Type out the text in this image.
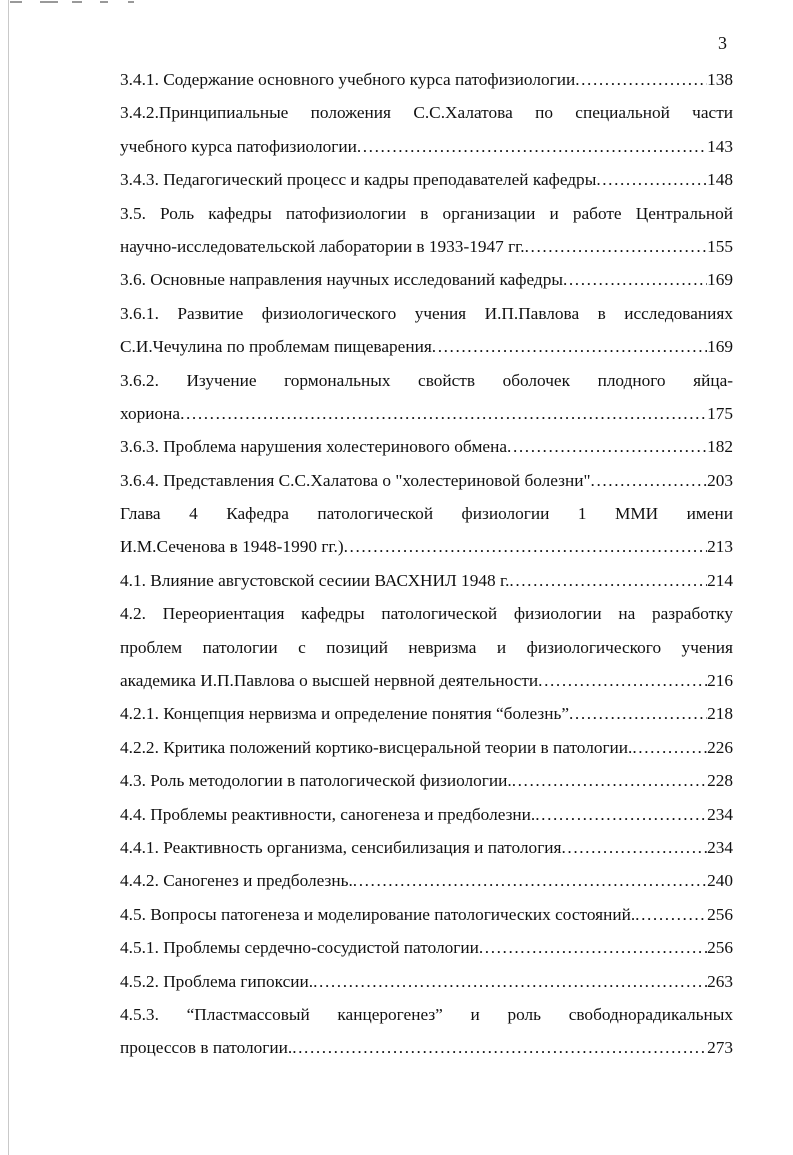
3
3.4.1. Содержание основного учебного курса патофизиологии .....	138
3.4.2.Принципиальные положения С.С.Халатова по специальной части
учебного курса патофизиологии .....	143
3.4.3. Педагогический процесс и кадры преподавателей кафедры .....	148
3.5. Роль кафедры патофизиологии в организации и работе Центральной
научно-исследовательской лаборатории в 1933-1947 гг. .....	155
3.6. Основные направления научных исследований кафедры .....	169
3.6.1. Развитие физиологического учения И.П.Павлова в исследованиях
С.И.Чечулина по проблемам пищеварения .....	169
3.6.2. Изучение гормональных свойств оболочек плодного яйца-
хориона .....	175
3.6.3. Проблема нарушения холестеринового обмена .....	182
3.6.4. Представления С.С.Халатова о "холестериновой болезни" .....	203
Глава 4 Кафедра патологической физиологии 1 ММИ имени
И.М.Сеченова в 1948-1990 гг.) .....	213
4.1. Влияние августовской сесиии ВАСХНИЛ 1948 г. .....	214
4.2. Переориентация кафедры патологической физиологии на разработку
проблем патологии с позиций невризма и физиологического учения
академика И.П.Павлова о высшей нервной деятельности .....	216
4.2.1. Концепция нервизма и определение понятия “болезнь” .....	218
4.2.2. Критика положений кортико-висцеральной теории в патологии. .....	226
4.3. Роль методологии в патологической физиологии. .....	228
4.4. Проблемы реактивности, саногенеза и предболезни. .....	234
4.4.1. Реактивность организма, сенсибилизация и патология .....	234
4.4.2. Саногенез и предболезнь. .....	240
4.5. Вопросы патогенеза и моделирование патологических состояний. .....	256
4.5.1. Проблемы сердечно-сосудистой патологии .....	256
4.5.2. Проблема гипоксии. .....	263
4.5.3. “Пластмассовый канцерогенез” и роль свободнорадикальных
процессов в патологии. .....	273
